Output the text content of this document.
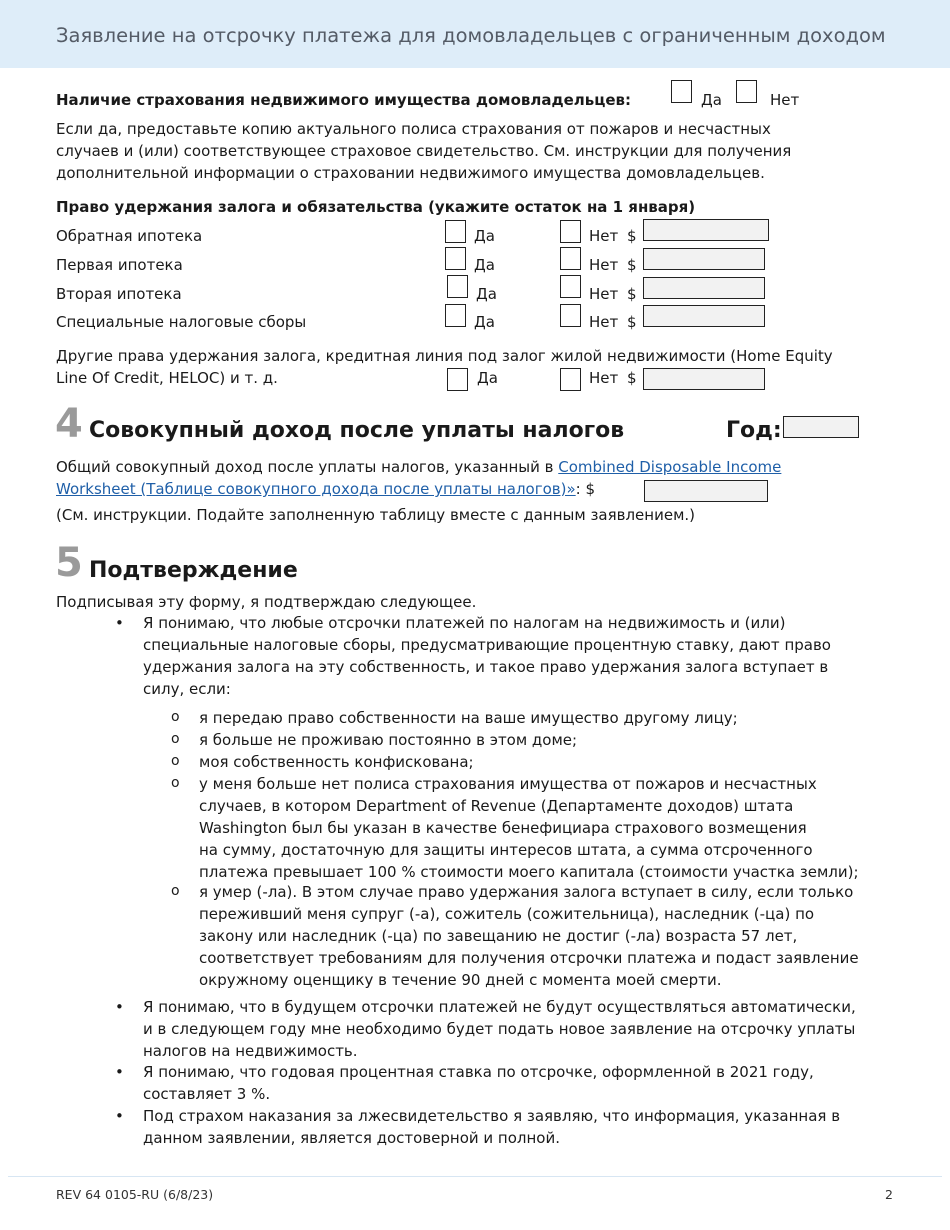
Заявление на отсрочку платежа для домовладельцев с ограниченным доходом
Наличие страхования недвижимого имущества домовладельцев:	Да	Нет
Если да, предоставьте копию актуального полиса страхования от пожаров и несчастных
случаев и (или) соответствующее страховое свидетельство. См. инструкции для получения
дополнительной информации о страховании недвижимого имущества домовладельцев.
Право удержания залога и обязательства (укажите остаток на 1 января)
Обратная ипотека	Да	Нет $
Первая ипотека	Да	Нет $
Вторая ипотека	Да	Нет $
Специальные налоговые сборы	Да	Нет $
Другие права удержания залога, кредитная линия под залог жилой недвижимости (Home Equity
Line Of Credit, HELOC) и т. д.	Да	Нет $
4 Совокупный доход после уплаты налогов	Год:
Общий совокупный доход после уплаты налогов, указанный в Combined Disposable Income
Worksheet (Таблице совокупного дохода после уплаты налогов)»: $
(См. инструкции. Подайте заполненную таблицу вместе с данным заявлением.)
5 Подтверждение
Подписывая эту форму, я подтверждаю следующее.
• Я понимаю, что любые отсрочки платежей по налогам на недвижимость и (или)
специальные налоговые сборы, предусматривающие процентную ставку, дают право
удержания залога на эту собственность, и такое право удержания залога вступает в
силу, если:
o я передаю право собственности на ваше имущество другому лицу;
o я больше не проживаю постоянно в этом доме;
o моя собственность конфискована;
o у меня больше нет полиса страхования имущества от пожаров и несчастных
случаев, в котором Department of Revenue (Департаменте доходов) штата
Washington был бы указан в качестве бенефициара страхового возмещения
на сумму, достаточную для защиты интересов штата, а сумма отсроченного
платежа превышает 100 % стоимости моего капитала (стоимости участка земли);
o я умер (-ла). В этом случае право удержания залога вступает в силу, если только
переживший меня супруг (-а), сожитель (сожительница), наследник (-ца) по
закону или наследник (-ца) по завещанию не достиг (-ла) возраста 57 лет,
соответствует требованиям для получения отсрочки платежа и подаст заявление
окружному оценщику в течение 90 дней с момента моей смерти.
• Я понимаю, что в будущем отсрочки платежей не будут осуществляться автоматически,
и в следующем году мне необходимо будет подать новое заявление на отсрочку уплаты
налогов на недвижимость.
• Я понимаю, что годовая процентная ставка по отсрочке, оформленной в 2021 году,
составляет 3 %.
• Под страхом наказания за лжесвидетельство я заявляю, что информация, указанная в
данном заявлении, является достоверной и полной.
REV 64 0105-RU (6/8/23)	2
